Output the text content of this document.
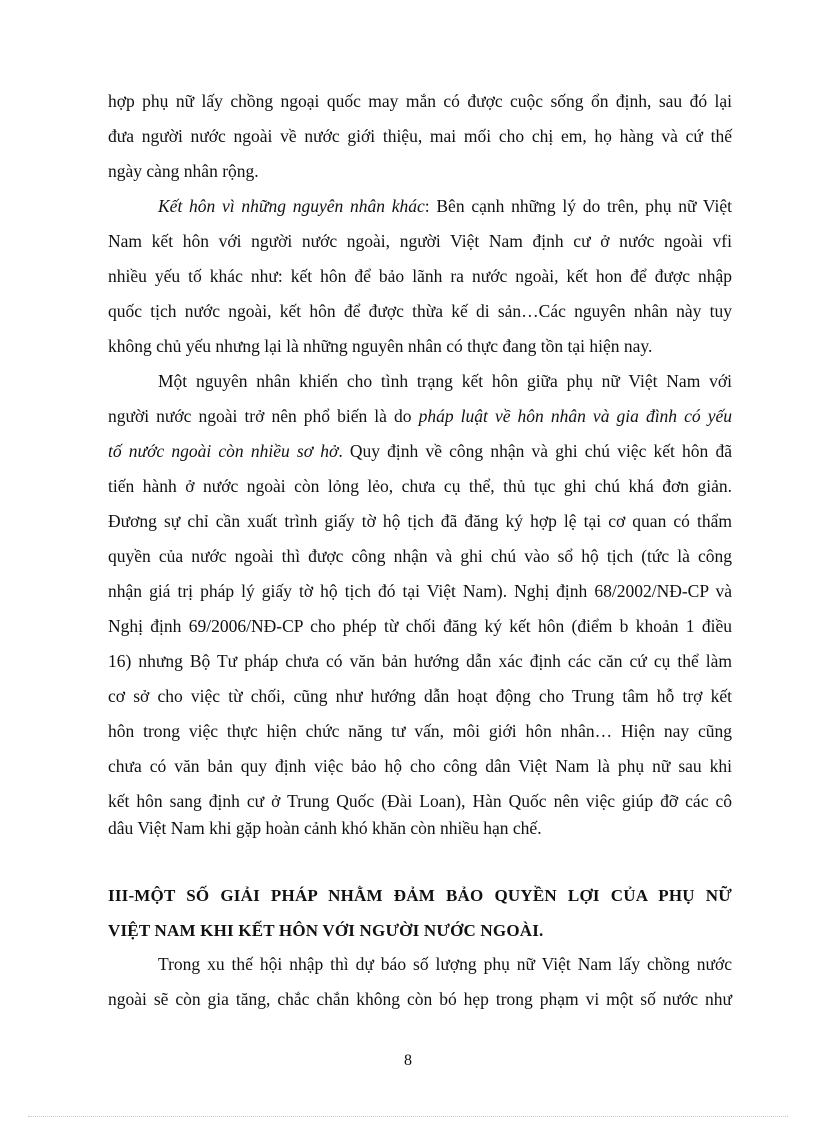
hợp phụ nữ lấy chồng ngoại quốc may mắn có được cuộc sống ổn định, sau đó lại
đưa người nước ngoài về nước giới thiệu, mai mối cho chị em, họ hàng và cứ thế
ngày càng nhân rộng.
Kết hôn vì những nguyên nhân khác: Bên cạnh những lý do trên, phụ nữ Việt
Nam kết hôn với người nước ngoài, người Việt Nam định cư ở nước ngoài vfi
nhiều yếu tố khác như: kết hôn để bảo lãnh ra nước ngoài, kết hon để được nhập
quốc tịch nước ngoài, kết hôn để được thừa kế di sản…Các nguyên nhân này tuy
không chủ yếu nhưng lại là những nguyên nhân có thực đang tồn tại hiện nay.
Một nguyên nhân khiến cho tình trạng kết hôn giữa phụ nữ Việt Nam với
người nước ngoài trở nên phổ biến là do pháp luật về hôn nhân và gia đình có yếu
tố nước ngoài còn nhiều sơ hở. Quy định về công nhận và ghi chú việc kết hôn đã
tiến hành ở nước ngoài còn lỏng lẻo, chưa cụ thể, thủ tục ghi chú khá đơn giản.
Đương sự chỉ cần xuất trình giấy tờ hộ tịch đã đăng ký hợp lệ tại cơ quan có thẩm
quyền của nước ngoài thì được công nhận và ghi chú vào sổ hộ tịch (tức là công
nhận giá trị pháp lý giấy tờ hộ tịch đó tại Việt Nam). Nghị định 68/2002/NĐ-CP và
Nghị định 69/2006/NĐ-CP cho phép từ chối đăng ký kết hôn (điểm b khoản 1 điều
16) nhưng Bộ Tư pháp chưa có văn bản hướng dẫn xác định các căn cứ cụ thể làm
cơ sở cho việc từ chối, cũng như hướng dẫn hoạt động cho Trung tâm hỗ trợ kết
hôn trong việc thực hiện chức năng tư vấn, môi giới hôn nhân… Hiện nay cũng
chưa có văn bản quy định việc bảo hộ cho công dân Việt Nam là phụ nữ sau khi
kết hôn sang định cư ở Trung Quốc (Đài Loan), Hàn Quốc nên việc giúp đỡ các cô
dâu Việt Nam khi gặp hoàn cảnh khó khăn còn nhiều hạn chế.
III-MỘT SỐ GIẢI PHÁP NHẰM ĐẢM BẢO QUYỀN LỢI CỦA PHỤ NỮ
VIỆT NAM KHI KẾT HÔN VỚI NGƯỜI NƯỚC NGOÀI.
Trong xu thế hội nhập thì dự báo số lượng phụ nữ Việt Nam lấy chồng nước
ngoài sẽ còn gia tăng, chắc chắn không còn bó hẹp trong phạm vi một số nước như
8
